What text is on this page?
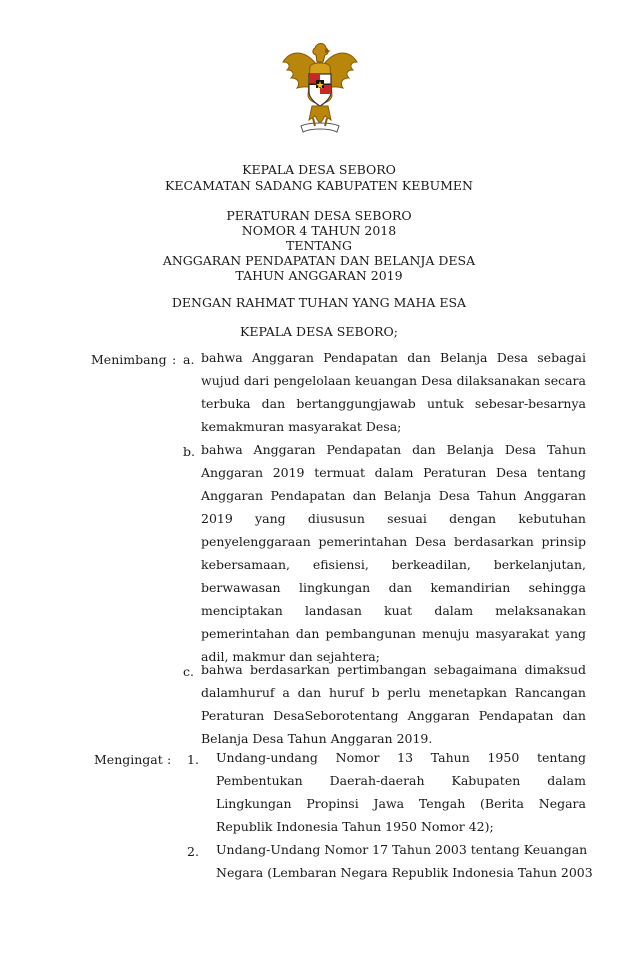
KEPALA DESA SEBORO
KECAMATAN SADANG KABUPATEN KEBUMEN
PERATURAN DESA SEBORO
NOMOR 4 TAHUN 2018
TENTANG
ANGGARAN PENDAPATAN DAN BELANJA DESA
TAHUN ANGGARAN 2019
DENGAN RAHMAT TUHAN YANG MAHA ESA
KEPALA DESA SEBORO;
Menimbang : a. bahwa Anggaran Pendapatan dan Belanja Desa sebagai
wujud dari pengelolaan keuangan Desa dilaksanakan secara
terbuka dan bertanggungjawab untuk sebesar-besarnya
kemakmuran masyarakat Desa;
b. bahwa Anggaran Pendapatan dan Belanja Desa Tahun
Anggaran 2019 termuat dalam Peraturan Desa tentang
Anggaran Pendapatan dan Belanja Desa Tahun Anggaran
2019 yang diususun sesuai dengan kebutuhan
penyelenggaraan pemerintahan Desa berdasarkan prinsip
kebersamaan, efisiensi, berkeadilan, berkelanjutan,
berwawasan lingkungan dan kemandirian sehingga
menciptakan landasan kuat dalam melaksanakan
pemerintahan dan pembangunan menuju masyarakat yang
adil, makmur dan sejahtera;
c. bahwa berdasarkan pertimbangan sebagaimana dimaksud
dalamhuruf a dan huruf b perlu menetapkan Rancangan
Peraturan DesaSeborotentang Anggaran Pendapatan dan
Belanja Desa Tahun Anggaran 2019.
Mengingat : 1. Undang-undang Nomor 13 Tahun 1950 tentang
Pembentukan Daerah-daerah Kabupaten dalam
Lingkungan Propinsi Jawa Tengah (Berita Negara
Republik Indonesia Tahun 1950 Nomor 42);
2. Undang-Undang Nomor 17 Tahun 2003 tentang Keuangan
Negara (Lembaran Negara Republik Indonesia Tahun 2003
